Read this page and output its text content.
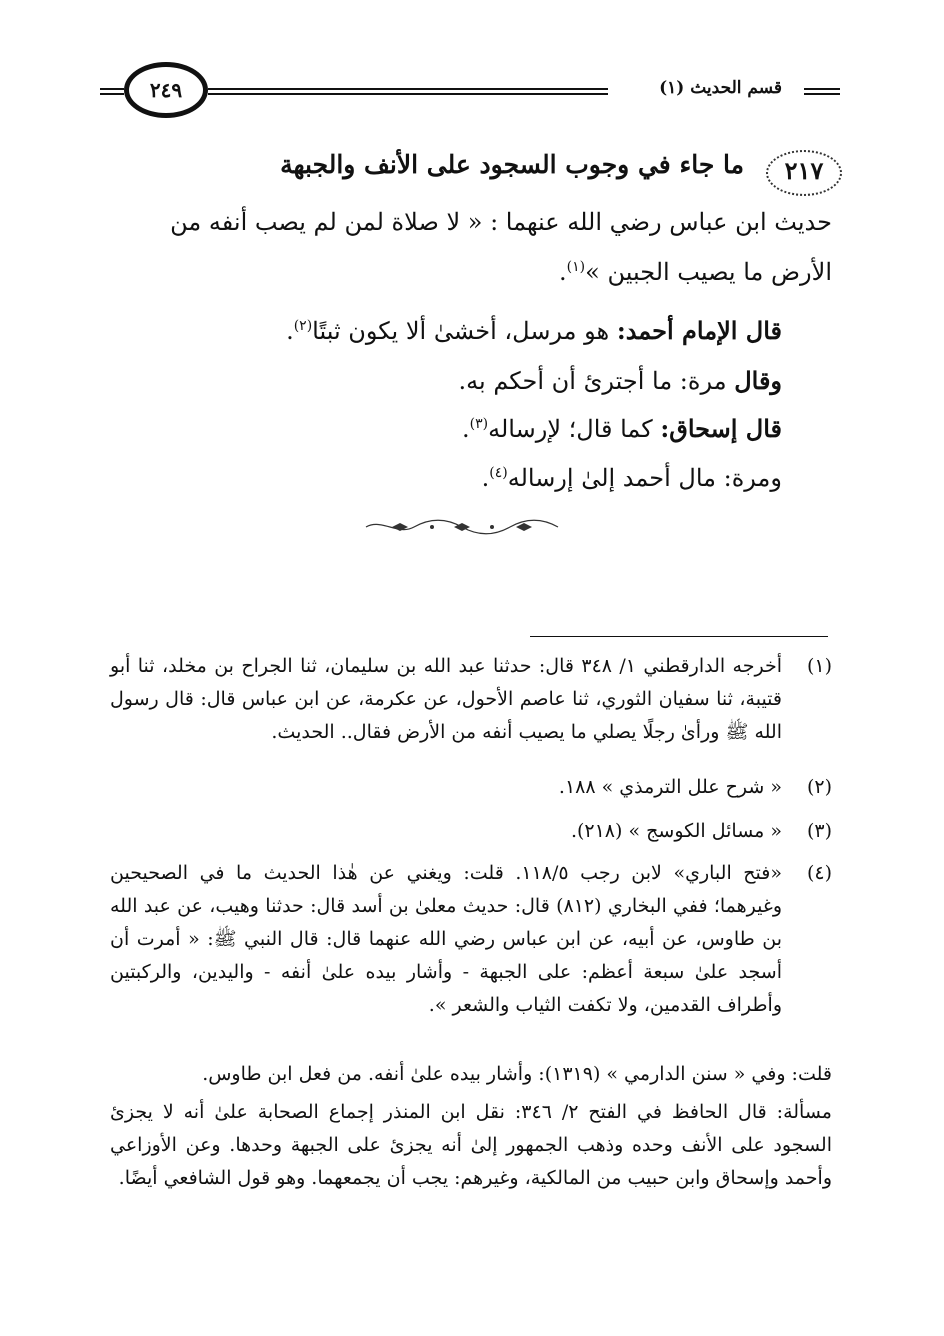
قسم الحديث (١)
٢٤٩
٢١٧
ما جاء في وجوب السجود على الأنف والجبهة

حديث ابن عباس رضي الله عنهما : « لا صلاة لمن لم يصب أنفه من

الأرض ما يصيب الجبين »$^{(١)}$.

قال الإمام أحمد: هو مرسل، أخشىٰ ألا يكون ثبتًا$^{(٢)}$.

وقال مرة: ما أجترئ أن أحكم به.

قال إسحاق: كما قال؛ لإرساله$^{(٣)}$.

ومرة: مال أحمد إلىٰ إرساله$^{(٤)}$.

(١)أخرجه الدارقطني ١/ ٣٤٨ قال: حدثنا عبد الله بن سليمان، ثنا الجراح بن مخلد، ثنا أبو قتيبة، ثنا سفيان الثوري، ثنا عاصم الأحول، عن عكرمة، عن ابن عباس قال: قال رسول الله ﷺ ورأىٰ رجلًا يصلي ما يصيب أنفه من الأرض فقال.. الحديث.

(٢)« شرح علل الترمذي » ١٨٨.

(٣)« مسائل الكوسج » (٢١٨).

(٤)«فتح الباري» لابن رجب ١١٨/٥. قلت: ويغني عن هٰذا الحديث ما في الصحيحين وغيرهما؛ ففي البخاري (٨١٢) قال: حديث معلىٰ بن أسد قال: حدثنا وهيب، عن عبد الله بن طاوس، عن أبيه، عن ابن عباس رضي الله عنهما قال: قال النبي ﷺ: « أمرت أن أسجد علىٰ سبعة أعظم: على الجبهة - وأشار بيده علىٰ أنفه - واليدين، والركبتين وأطراف القدمين، ولا تكفت الثياب والشعر ».

قلت: وفي « سنن الدارمي » (١٣١٩): وأشار بيده علىٰ أنفه. من فعل ابن طاوس.

مسألة: قال الحافظ في الفتح ٢/ ٣٤٦: نقل ابن المنذر إجماع الصحابة علىٰ أنه لا يجزئ السجود على الأنف وحده وذهب الجمهور إلىٰ أنه يجزئ على الجبهة وحدها. وعن الأوزاعي وأحمد وإسحاق وابن حبيب من المالكية، وغيرهم: يجب أن يجمعهما. وهو قول الشافعي أيضًا.
